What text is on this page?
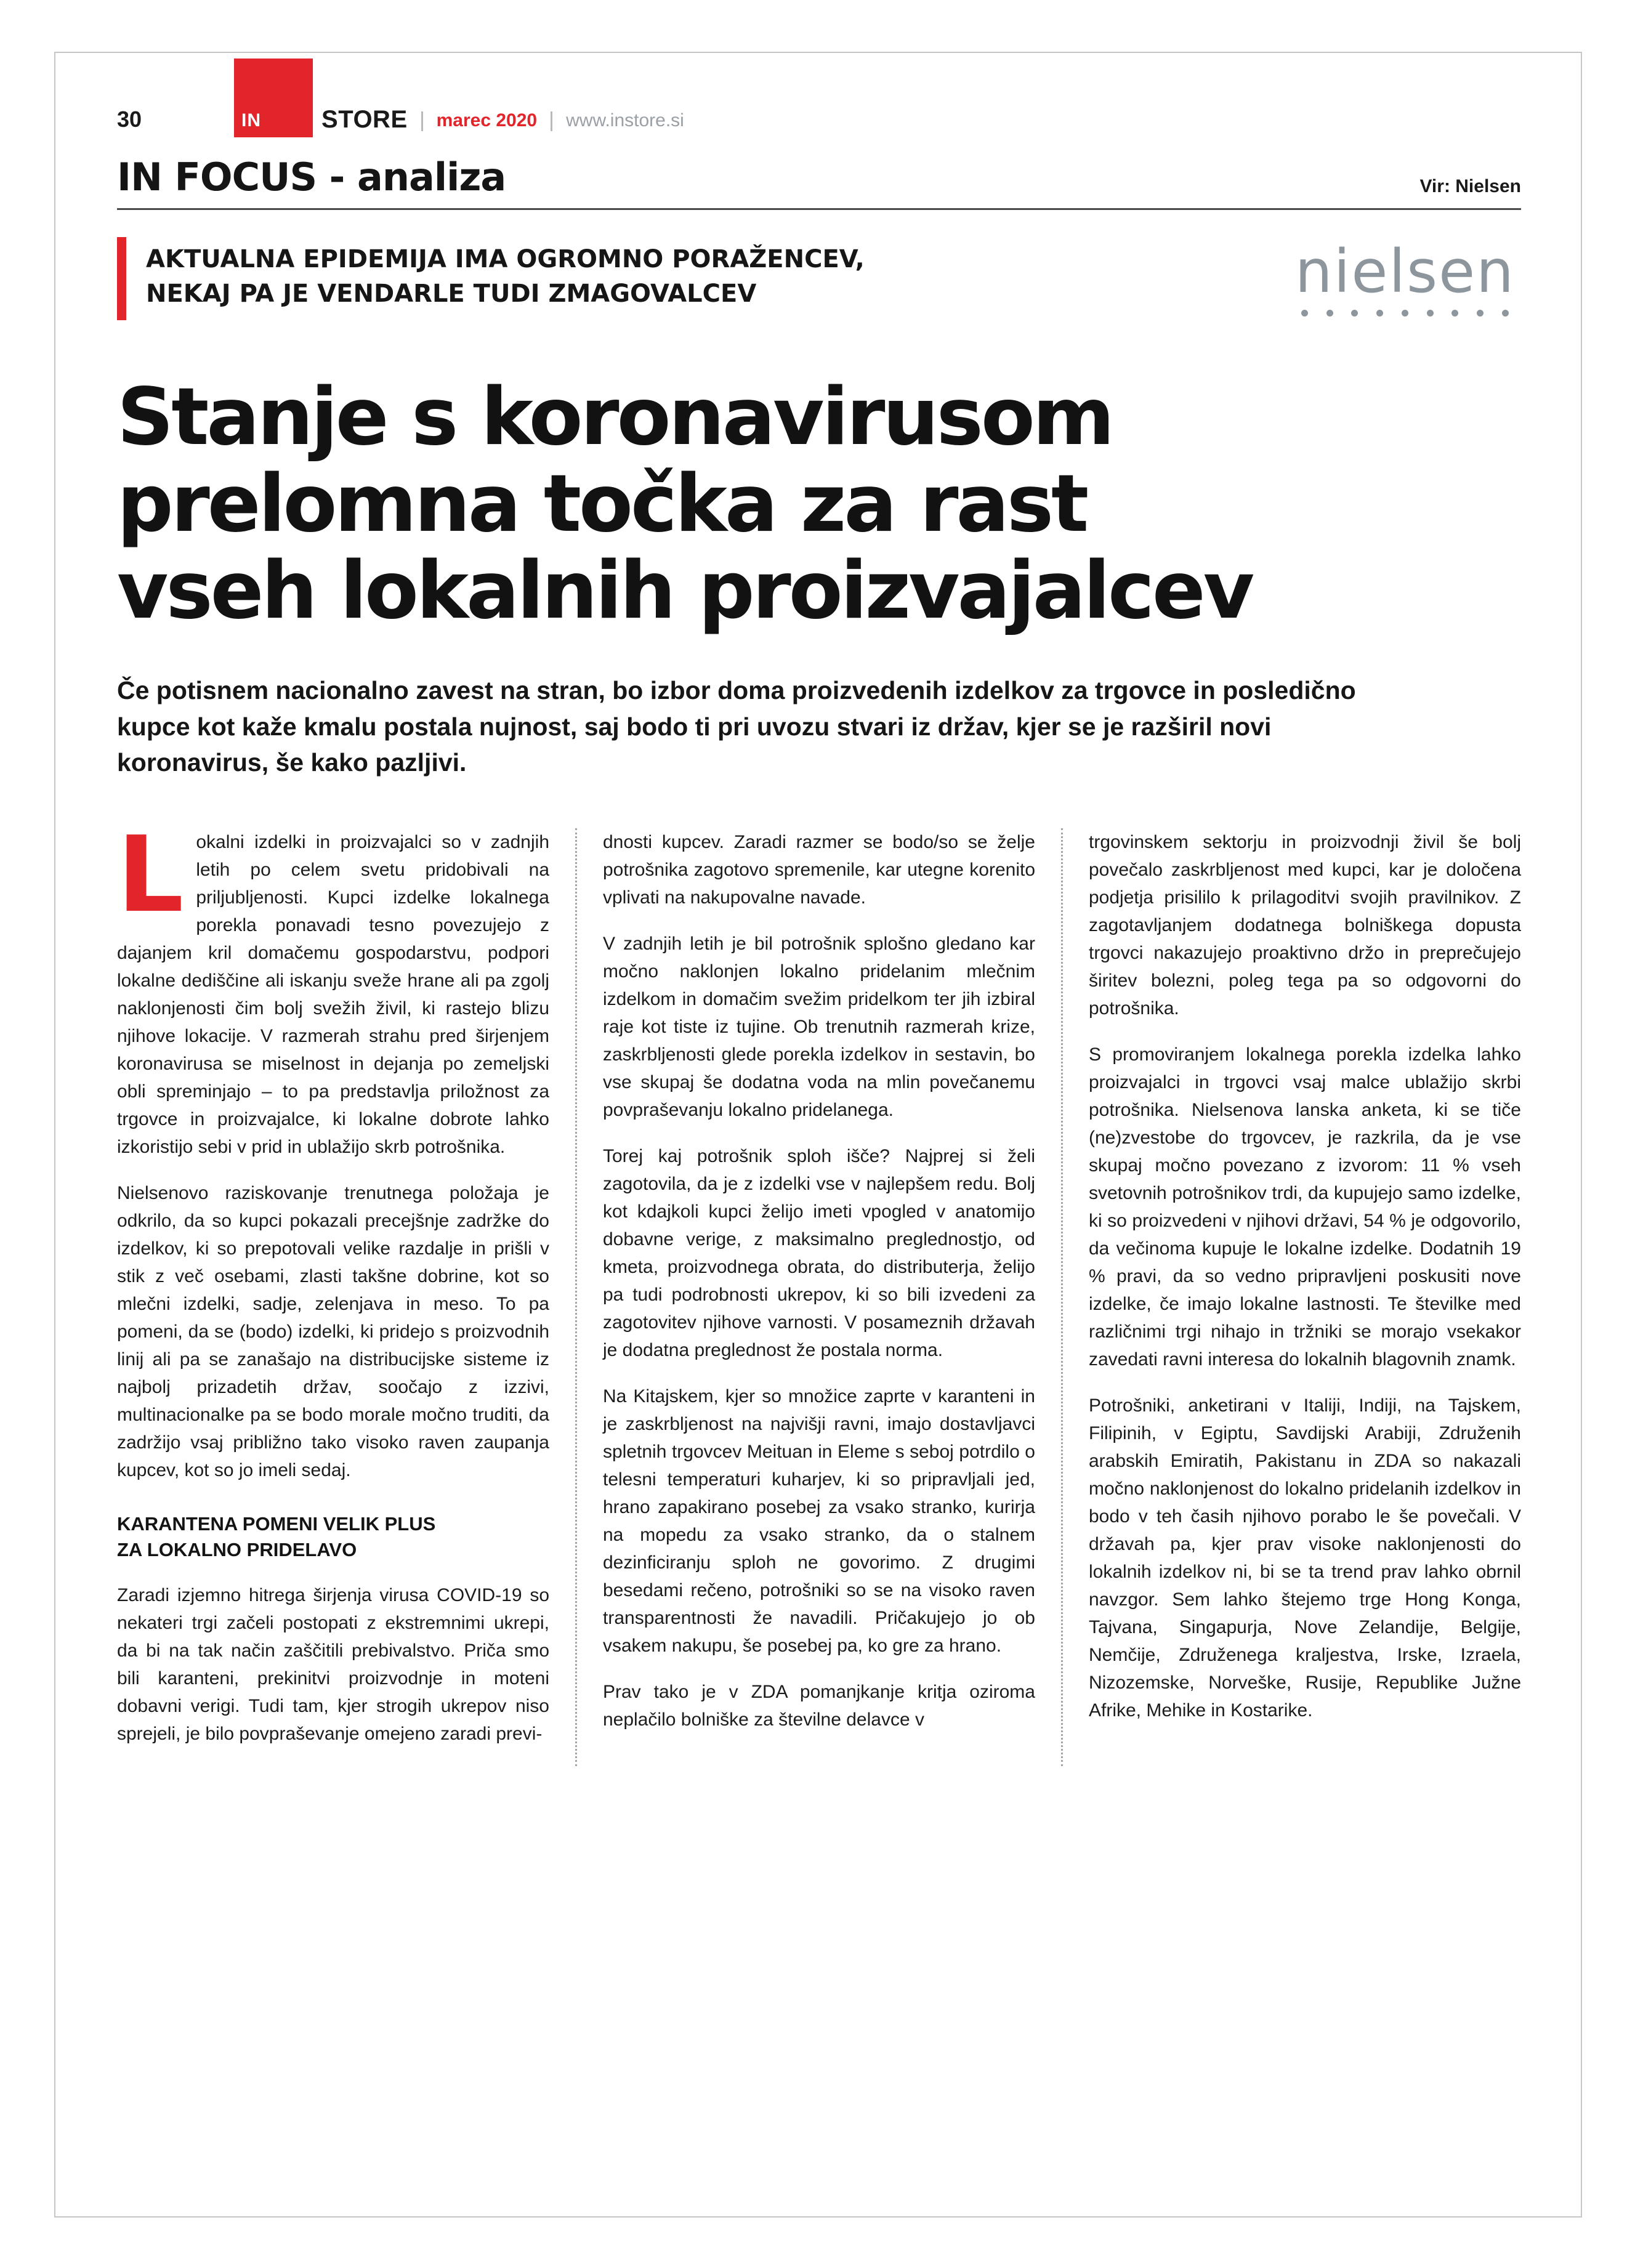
30	IN STORE marec 2020 www.instore.si
IN FOCUS - analiza	Vir: Nielsen
AKTUALNA EPIDEMIJA IMA OGROMNO PORAŽENCEV,
NEKAJ PA JE VENDARLE TUDI ZMAGOVALCEV	nielsen
Stanje s koronavirusom
prelomna točka za rast
vseh lokalnih proizvajalcev

Če potisnem nacionalno zavest na stran, bo izbor doma proizvedenih izdelkov za trgovce in posledično kupce kot kaže kmalu postala nujnost, saj bodo ti pri uvozu stvari iz držav, kjer se je razširil novi koronavirus, še kako pazljivi.

Lokalni izdelki in proizvajalci so v zadnjih letih po celem svetu pridobivali na priljubljenosti. Kupci izdelke lokalnega porekla ponavadi tesno povezujejo z dajanjem kril domačemu gospodarstvu, podpori lokalne dediščine ali iskanju sveže hrane ali pa zgolj naklonjenosti čim bolj svežih živil, ki rastejo blizu njihove lokacije. V razmerah strahu pred širjenjem koronavirusa se miselnost in dejanja po zemeljski obli spreminjajo – to pa predstavlja priložnost za trgovce in proizvajalce, ki lokalne dobrote lahko izkoristijo sebi v prid in ublažijo skrb potrošnika.

Nielsenovo raziskovanje trenutnega položaja je odkrilo, da so kupci pokazali precejšnje zadržke do izdelkov, ki so prepotovali velike razdalje in prišli v stik z več osebami, zlasti takšne dobrine, kot so mlečni izdelki, sadje, zelenjava in meso. To pa pomeni, da se (bodo) izdelki, ki pridejo s proizvodnih linij ali pa se zanašajo na distribucijske sisteme iz najbolj prizadetih držav, soočajo z izzivi, multinacionalke pa se bodo morale močno truditi, da zadržijo vsaj približno tako visoko raven zaupanja kupcev, kot so jo imeli sedaj.

KARANTENA POMENI VELIK PLUS ZA LOKALNO PRIDELAVO

Zaradi izjemno hitrega širjenja virusa COVID-19 so nekateri trgi začeli postopati z ekstremnimi ukrepi, da bi na tak način zaščitili prebivalstvo. Priča smo bili karanteni, prekinitvi proizvodnje in moteni dobavni verigi. Tudi tam, kjer strogih ukrepov niso sprejeli, je bilo povpraševanje omejeno zaradi previ-

dnosti kupcev. Zaradi razmer se bodo/so se želje potrošnika zagotovo spremenile, kar utegne korenito vplivati na nakupovalne navade.

V zadnjih letih je bil potrošnik splošno gledano kar močno naklonjen lokalno pridelanim mlečnim izdelkom in domačim svežim pridelkom ter jih izbiral raje kot tiste iz tujine. Ob trenutnih razmerah krize, zaskrbljenosti glede porekla izdelkov in sestavin, bo vse skupaj še dodatna voda na mlin povečanemu povpraševanju lokalno pridelanega.

Torej kaj potrošnik sploh išče? Najprej si želi zagotovila, da je z izdelki vse v najlepšem redu. Bolj kot kdajkoli kupci želijo imeti vpogled v anatomijo dobavne verige, z maksimalno preglednostjo, od kmeta, proizvodnega obrata, do distributerja, želijo pa tudi podrobnosti ukrepov, ki so bili izvedeni za zagotovitev njihove varnosti. V posameznih državah je dodatna preglednost že postala norma.

Na Kitajskem, kjer so množice zaprte v karanteni in je zaskrbljenost na najvišji ravni, imajo dostavljavci spletnih trgovcev Meituan in Eleme s seboj potrdilo o telesni temperaturi kuharjev, ki so pripravljali jed, hrano zapakirano posebej za vsako stranko, kurirja na mopedu za vsako stranko, da o stalnem dezinficiranju sploh ne govorimo. Z drugimi besedami rečeno, potrošniki so se na visoko raven transparentnosti že navadili. Pričakujejo jo ob vsakem nakupu, še posebej pa, ko gre za hrano.

Prav tako je v ZDA pomanjkanje kritja oziroma neplačilo bolniške za številne delavce v

trgovinskem sektorju in proizvodnji živil še bolj povečalo zaskrbljenost med kupci, kar je določena podjetja prisililo k prilagoditvi svojih pravilnikov. Z zagotavljanjem dodatnega bolniškega dopusta trgovci nakazujejo proaktivno držo in preprečujejo širitev bolezni, poleg tega pa so odgovorni do potrošnika.

S promoviranjem lokalnega porekla izdelka lahko proizvajalci in trgovci vsaj malce ublažijo skrbi potrošnika. Nielsenova lanska anketa, ki se tiče (ne)zvestobe do trgovcev, je razkrila, da je vse skupaj močno povezano z izvorom: 11 % vseh svetovnih potrošnikov trdi, da kupujejo samo izdelke, ki so proizvedeni v njihovi državi, 54 % je odgovorilo, da večinoma kupuje le lokalne izdelke. Dodatnih 19 % pravi, da so vedno pripravljeni poskusiti nove izdelke, če imajo lokalne lastnosti. Te številke med različnimi trgi nihajo in tržniki se morajo vsekakor zavedati ravni interesa do lokalnih blagovnih znamk.

Potrošniki, anketirani v Italiji, Indiji, na Tajskem, Filipinih, v Egiptu, Savdijski Arabiji, Združenih arabskih Emiratih, Pakistanu in ZDA so nakazali močno naklonjenost do lokalno pridelanih izdelkov in bodo v teh časih njihovo porabo le še povečali. V državah pa, kjer prav visoke naklonjenosti do lokalnih izdelkov ni, bi se ta trend prav lahko obrnil navzgor. Sem lahko štejemo trge Hong Konga, Tajvana, Singapurja, Nove Zelandije, Belgije, Nemčije, Združenega kraljestva, Irske, Izraela, Nizozemske, Norveške, Rusije, Republike Južne Afrike, Mehike in Kostarike.
